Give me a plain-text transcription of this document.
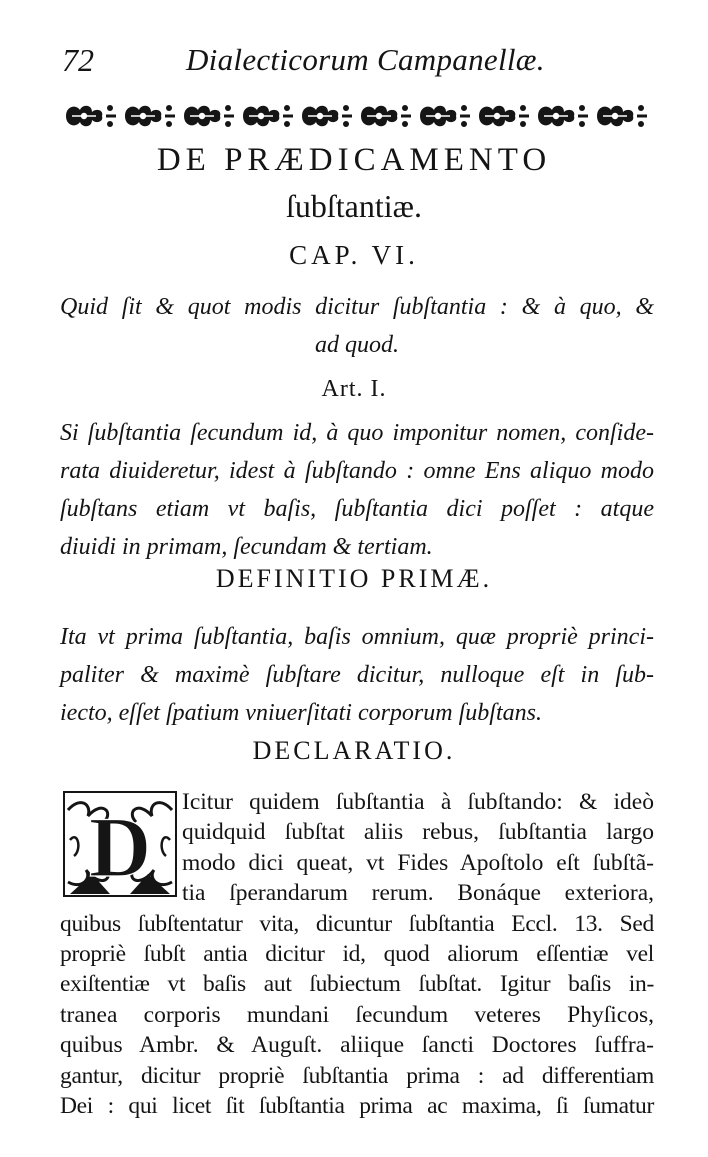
72	Dialecticorum Campanellæ.
DE PRÆDICAMENTO
ſubſtantiæ.
CAP. VI.
Quid ſit & quot modis dicitur ſubſtantia : & à quo, &
ad quod.
Art. I.
Si ſubſtantia ſecundum id, à quo imponitur nomen, conſide-
rata diuideretur, idest à ſubſtando : omne Ens aliquo modo
ſubſtans etiam vt baſis, ſubſtantia dici poſſet : atque
diuidi in primam, ſecundam & tertiam.
DEFINITIO PRIMÆ.
Ita vt prima ſubſtantia, baſis omnium, quæ propriè princi-
paliter & maximè ſubſtare dicitur, nulloque eſt in ſub-
iecto, eſſet ſpatium vniuerſitati corporum ſubſtans.
DECLARATIO.
D	Icitur quidem ſubſtantia à ſubſtando: & ideò
quidquid ſubſtat aliis rebus, ſubſtantia largo
modo dici queat, vt Fides Apoſtolo eſt ſubſtã-
tia ſperandarum rerum. Bonáque exteriora,
quibus ſubſtentatur vita, dicuntur ſubſtantia Eccl. 13. Sed
propriè ſubſt antia dicitur id, quod aliorum eſſentiæ vel
exiſtentiæ vt baſis aut ſubiectum ſubſtat. Igitur baſis in-
tranea corporis mundani ſecundum veteres Phyſicos,
quibus Ambr. & Auguſt. aliique ſancti Doctores ſuffra-
gantur, dicitur propriè ſubſtantia prima : ad differentiam
Dei : qui licet ſit ſubſtantia prima ac maxima, ſi ſumatur
